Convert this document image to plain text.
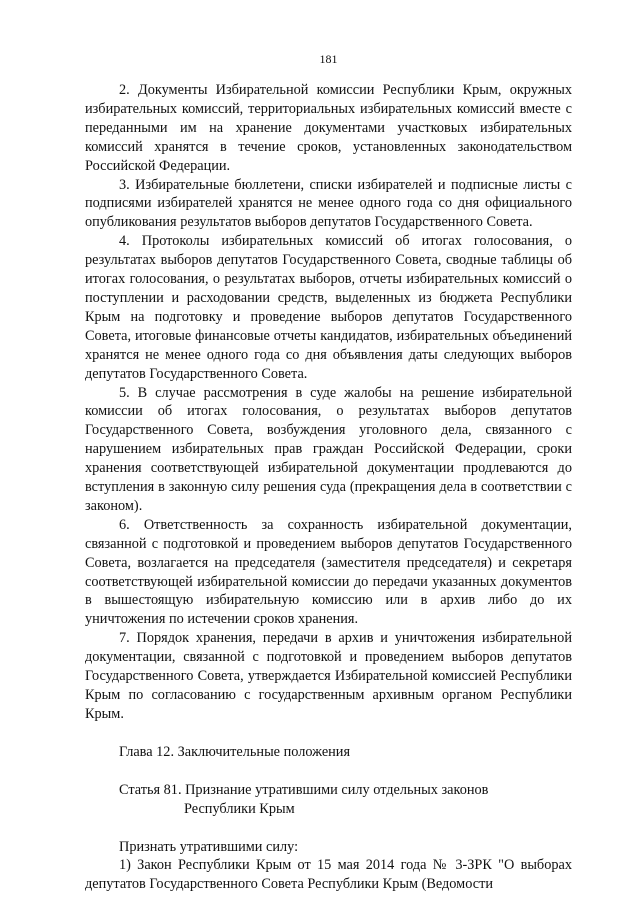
181

2. Документы Избирательной комиссии Республики Крым, окружных избирательных комиссий, территориальных избирательных комиссий вместе с переданными им на хранение документами участковых избирательных комиссий хранятся в течение сроков, установленных законодательством Российской Федерации.

3. Избирательные бюллетени, списки избирателей и подписные листы с подписями избирателей хранятся не менее одного года со дня официального опубликования результатов выборов депутатов Государственного Совета.

4. Протоколы избирательных комиссий об итогах голосования, о результатах выборов депутатов Государственного Совета, сводные таблицы об итогах голосования, о результатах выборов, отчеты избирательных комиссий о поступлении и расходовании средств, выделенных из бюджета Республики Крым на подготовку и проведение выборов депутатов Государственного Совета, итоговые финансовые отчеты кандидатов, избирательных объединений хранятся не менее одного года со дня объявления даты следующих выборов депутатов Государственного Совета.

5. В случае рассмотрения в суде жалобы на решение избирательной комиссии об итогах голосования, о результатах выборов депутатов Государственного Совета, возбуждения уголовного дела, связанного с нарушением избирательных прав граждан Российской Федерации, сроки хранения соответствующей избирательной документации продлеваются до вступления в законную силу решения суда (прекращения дела в соответствии с законом).

6. Ответственность за сохранность избирательной документации, связанной с подготовкой и проведением выборов депутатов Государственного Совета, возлагается на председателя (заместителя председателя) и секретаря соответствующей избирательной комиссии до передачи указанных документов в вышестоящую избирательную комиссию или в архив либо до их уничтожения по истечении сроков хранения.

7. Порядок хранения, передачи в архив и уничтожения избирательной документации, связанной с подготовкой и проведением выборов депутатов Государственного Совета, утверждается Избирательной комиссией Республики Крым по согласованию с государственным архивным органом Республики Крым.

Глава 12. Заключительные положения

Статья 81. Признание утратившими силу отдельных законов
Республики Крым

Признать утратившими силу:

1) Закон Республики Крым от 15 мая 2014 года № 3-ЗРК "О выборах депутатов Государственного Совета Республики Крым (Ведомости
